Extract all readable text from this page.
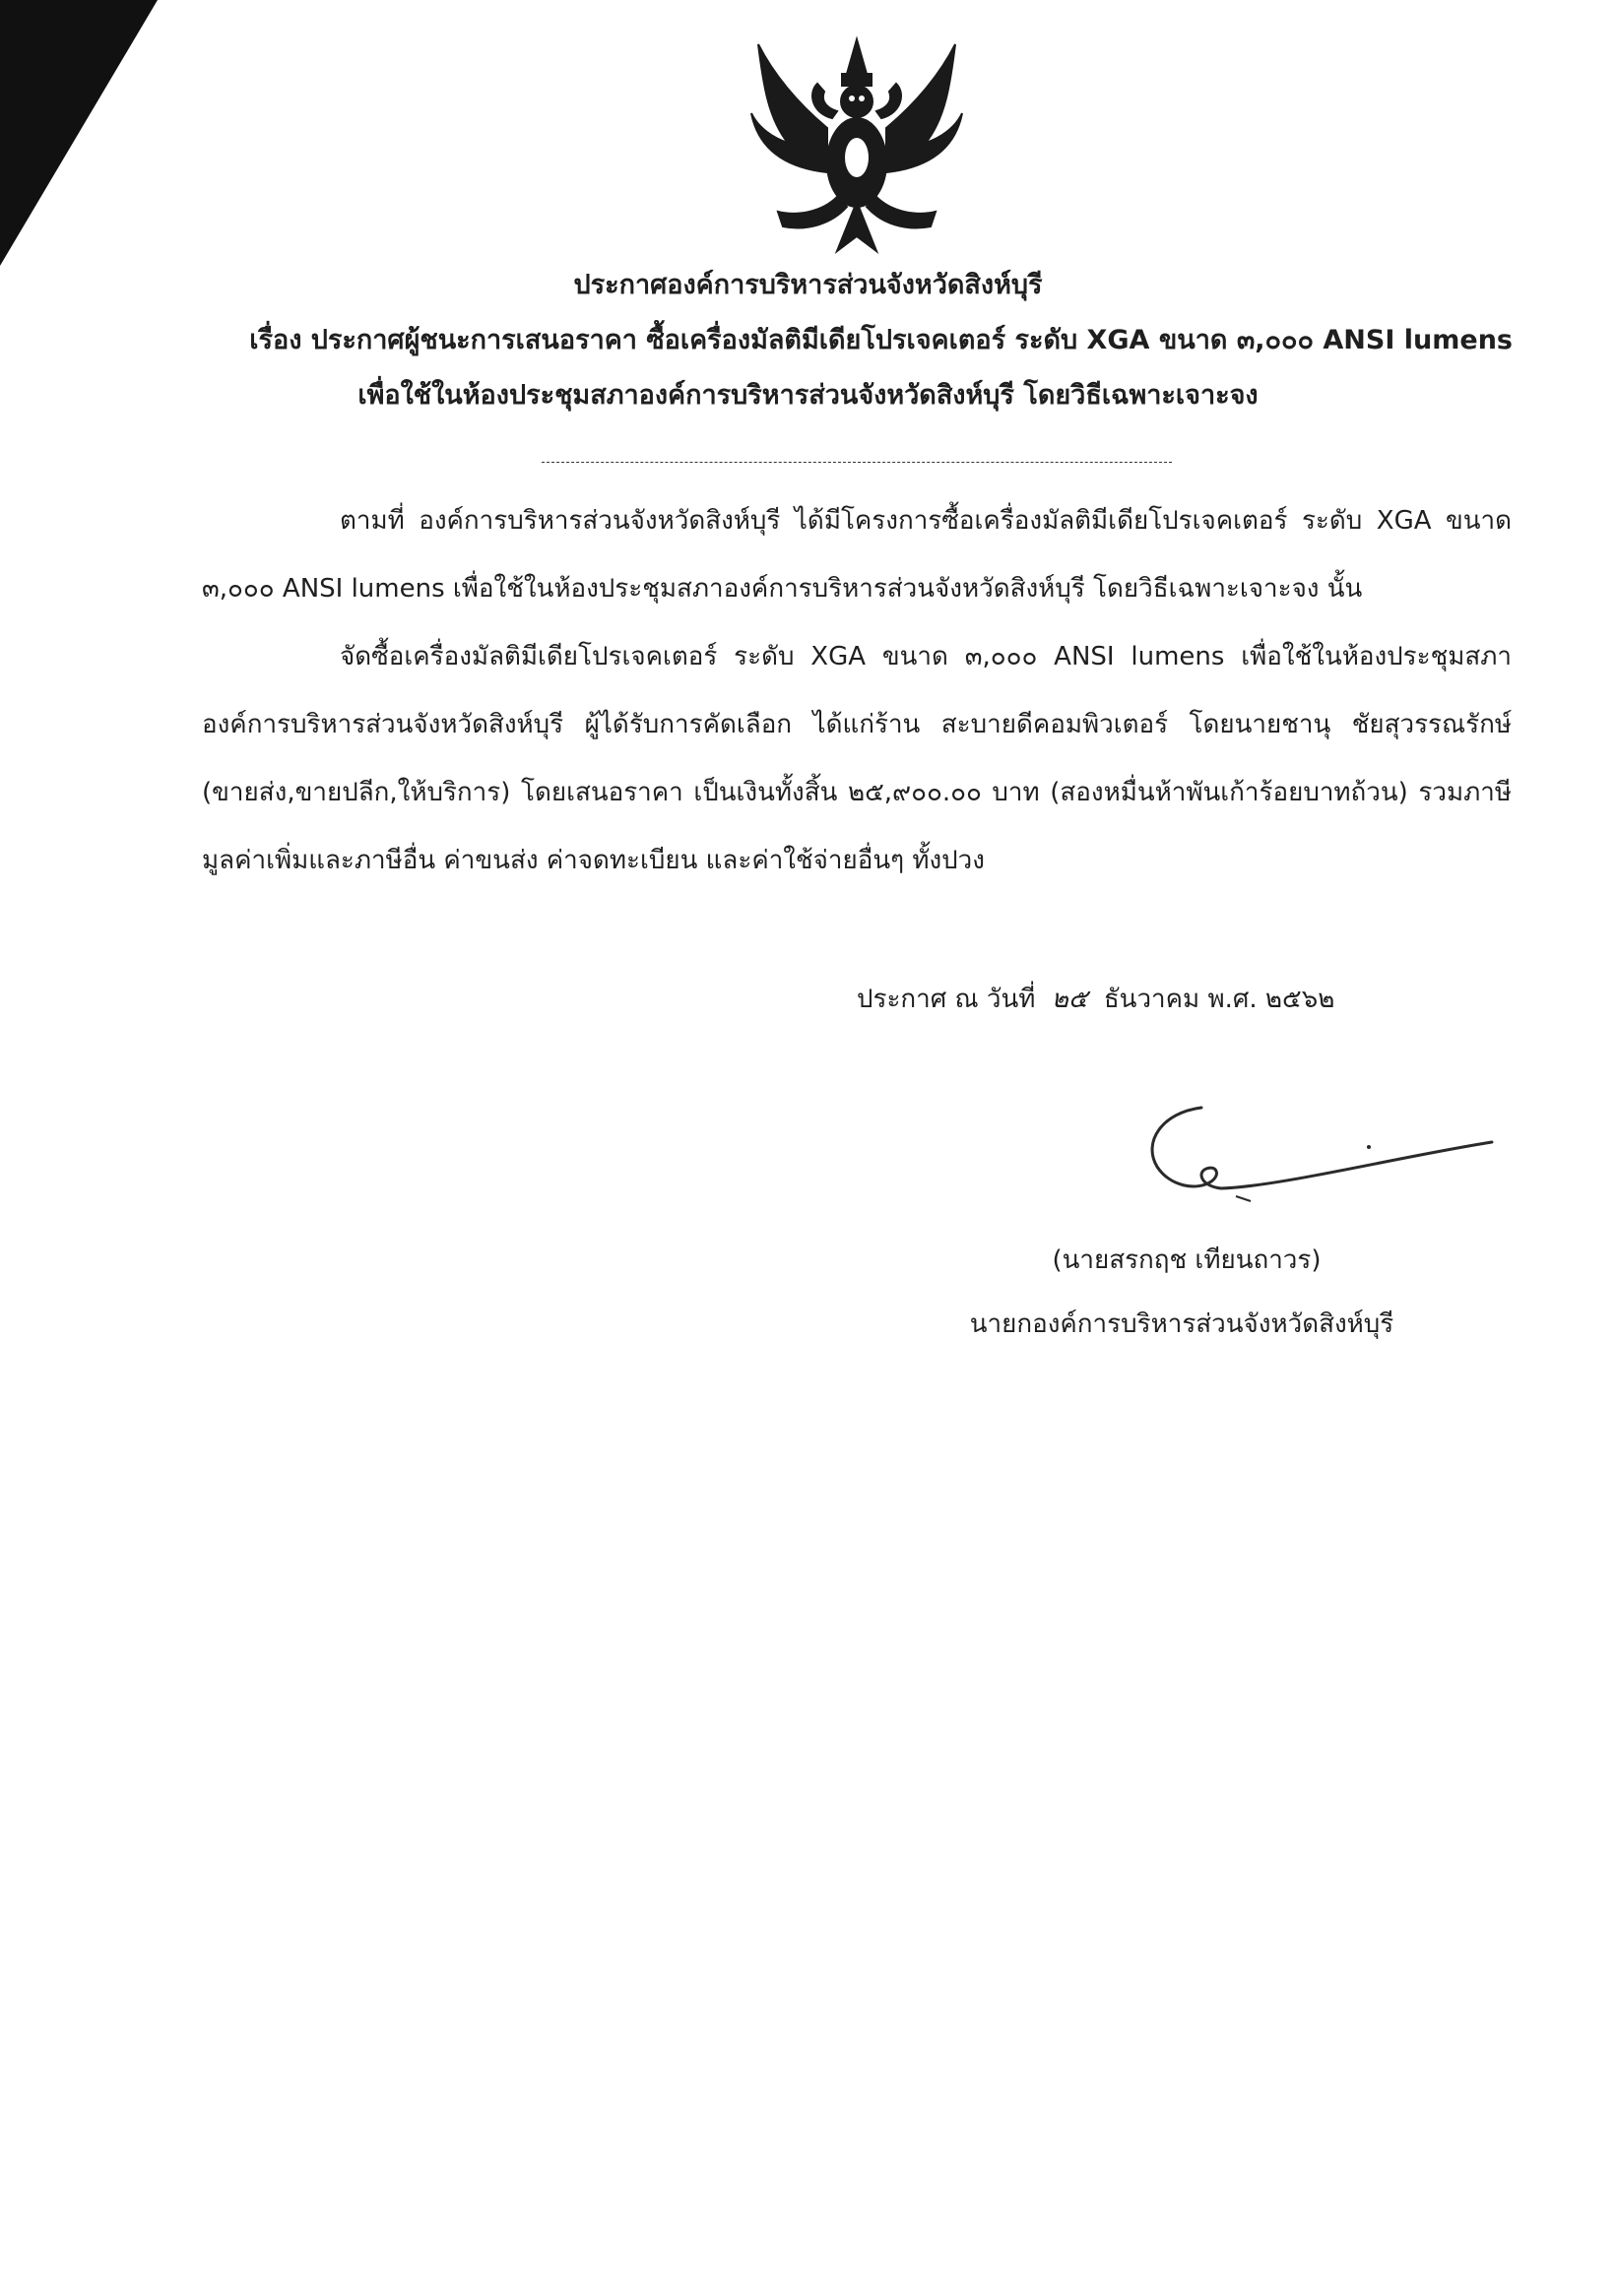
ประกาศองค์การบริหารส่วนจังหวัดสิงห์บุรี
เรื่อง ประกาศผู้ชนะการเสนอราคา ซื้อเครื่องมัลติมีเดียโปรเจคเตอร์ ระดับ XGA ขนาด ๓,๐๐๐ ANSI lumens
เพื่อใช้ในห้องประชุมสภาองค์การบริหารส่วนจังหวัดสิงห์บุรี โดยวิธีเฉพาะเจาะจง

ตามที่ องค์การบริหารส่วนจังหวัดสิงห์บุรี ได้มีโครงการซื้อเครื่องมัลติมีเดียโปรเจคเตอร์ ระดับ XGA ขนาด ๓,๐๐๐ ANSI lumens เพื่อใช้ในห้องประชุมสภาองค์การบริหารส่วนจังหวัดสิงห์บุรี โดยวิธีเฉพาะเจาะจง นั้น

จัดซื้อเครื่องมัลติมีเดียโปรเจคเตอร์ ระดับ XGA ขนาด ๓,๐๐๐ ANSI lumens เพื่อใช้ในห้องประชุมสภาองค์การบริหารส่วนจังหวัดสิงห์บุรี ผู้ได้รับการคัดเลือก ได้แก่ร้าน สะบายดีคอมพิวเตอร์ โดยนายชานุ ชัยสุวรรณรักษ์ (ขายส่ง,ขายปลีก,ให้บริการ) โดยเสนอราคา เป็นเงินทั้งสิ้น ๒๕,๙๐๐.๐๐ บาท (สองหมื่นห้าพันเก้าร้อยบาทถ้วน) รวมภาษีมูลค่าเพิ่มและภาษีอื่น ค่าขนส่ง ค่าจดทะเบียน และค่าใช้จ่ายอื่นๆ ทั้งปวง

ประกาศ ณ วันที่ ๒๕ ธันวาคม พ.ศ. ๒๕๖๒
(นายสรกฤช เทียนถาวร)
นายกองค์การบริหารส่วนจังหวัดสิงห์บุรี
